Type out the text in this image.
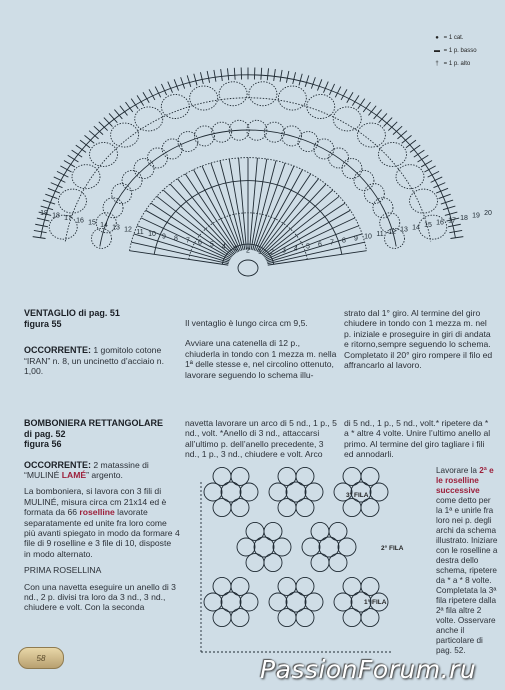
19 18 17 16 15 14 13 12 11 10 9 8 7 6 5 4 3 2 1 2 3 4 5 6 7 8 9 10 11 12 13 14 15 16 17 18 19 20
● = 1 cat.
▬ = 1 p. basso
† = 1 p. alto

VENTAGLIO di pag. 51

figura 55

OCCORRENTE: 1 gomitolo cotone “IRAN” n. 8, un uncinetto d’acciaio n. 1,00.

Il ventaglio è lungo circa cm 9,5.

Avviare una catenella di 12 p., chiuderla in tondo con 1 mezza m. nella 1ª delle stesse e, nel circolino ottenuto, lavorare seguendo lo schema illu-

strato dal 1° giro. Al termine del giro chiudere in tondo con 1 mezza m. nel p. iniziale e proseguire in giri di andata e ritorno,sempre seguendo lo schema. Completato il 20° giro rompere il filo ed affrancarlo al lavoro.

BOMBONIERA RETTANGOLARE

di pag. 52

figura 56

OCCORRENTE: 2 matassine di “MULINÉ LAMÉ” argento.

La bomboniera, si lavora con 3 fili di MULINÉ, misura circa cm 21x14 ed è formata da 66 roselline lavorate separatamente ed unite fra loro come più avanti spiegato in modo da formare 4 file di 9 roselline e 3 file di 10, disposte in modo alternato.

PRIMA ROSELLINA

Con una navetta eseguire un anello di 3 nd., 2 p. divisi tra loro da 3 nd., 3 nd., chiudere e volt. Con la seconda

navetta lavorare un arco di 5 nd., 1 p., 5 nd., volt. *Anello di 3 nd., attaccarsi all’ultimo p. dell’anello precedente, 3 nd., 1 p., 3 nd., chiudere e volt. Arco

di 5 nd., 1 p., 5 nd., volt.* ripetere da * a * altre 4 volte. Unire l’ultimo anello al primo. Al termine del giro tagliare i fili ed annodarli.

Lavorare la 2ª e le roselline successive come detto per la 1ª e unirle fra loro nei p. degli archi da schema illustrato. Iniziare con le roselline a destra dello schema, ripetere da * a * 8 volte. Completata la 3ª fila ripetere dalla 2ª fila altre 2 volte. Osservare anche il particolare di pag. 52.

3° FILA
2° FILA
1° FILA
58	PassionForum.ru
